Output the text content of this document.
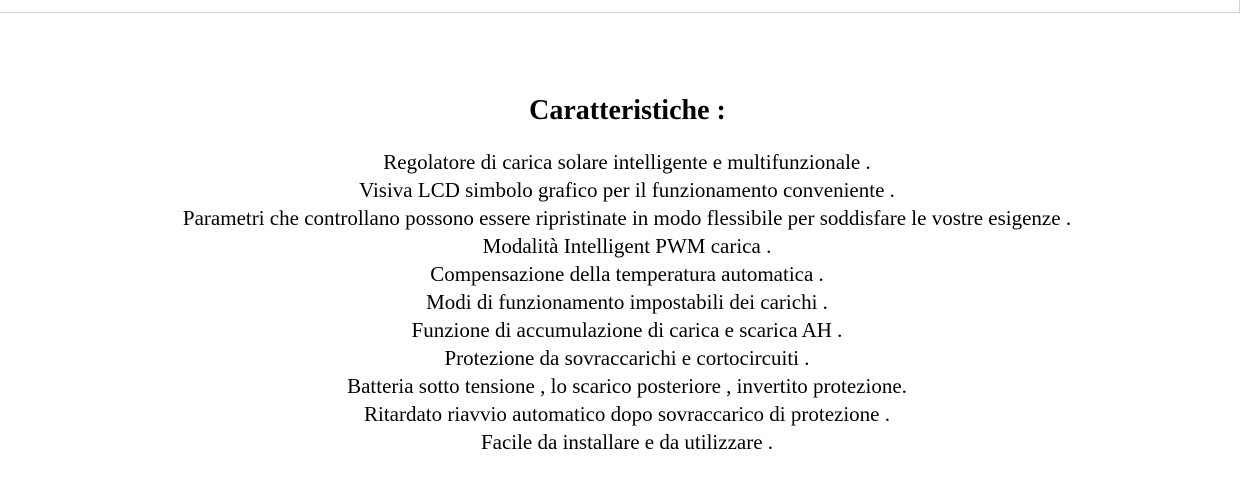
Caratteristiche :
Regolatore di carica solare intelligente e multifunzionale .
Visiva LCD simbolo grafico per il funzionamento conveniente .
Parametri che controllano possono essere ripristinate in modo flessibile per soddisfare le vostre esigenze .
Modalità Intelligent PWM carica .
Compensazione della temperatura automatica .
Modi di funzionamento impostabili dei carichi .
Funzione di accumulazione di carica e scarica AH .
Protezione da sovraccarichi e cortocircuiti .
Batteria sotto tensione , lo scarico posteriore , invertito protezione.
Ritardato riavvio automatico dopo sovraccarico di protezione .
Facile da installare e da utilizzare .
